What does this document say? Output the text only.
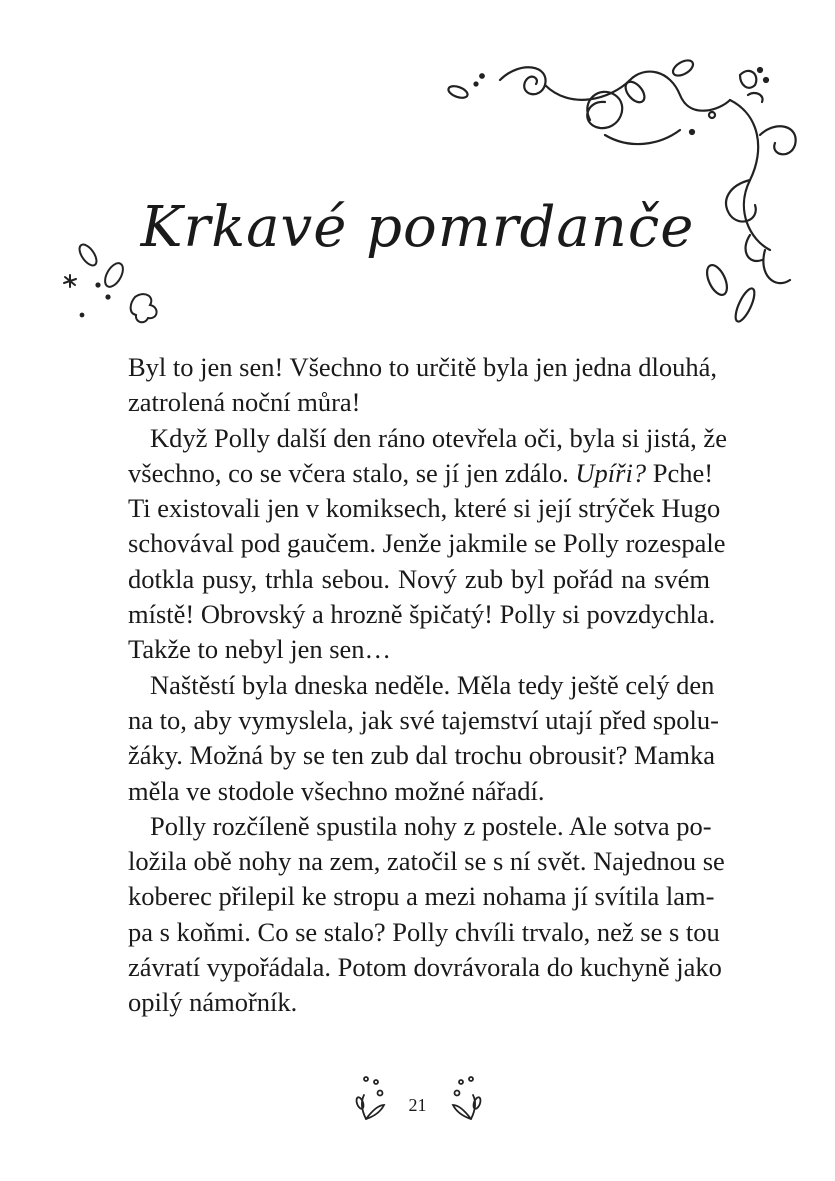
Krkavé pomrdanče

Byl to jen sen! Všechno to určitě byla jen jedna dlouhá,
zatrolená noční můra!

Když Polly další den ráno otevřela oči, byla si jistá, že
všechno, co se včera stalo, se jí jen zdálo. Upíři? Pche!
Ti existovali jen v komiksech, které si její strýček Hugo
schovával pod gaučem. Jenže jakmile se Polly rozespale
dotkla pusy, trhla sebou. Nový zub byl pořád na svém
místě! Obrovský a hrozně špičatý! Polly si povzdychla.
Takže to nebyl jen sen…

Naštěstí byla dneska neděle. Měla tedy ještě celý den
na to, aby vymyslela, jak své tajemství utají před spolu-
žáky. Možná by se ten zub dal trochu obrousit? Mamka
měla ve stodole všechno možné nářadí.

Polly rozčíleně spustila nohy z postele. Ale sotva po-
ložila obě nohy na zem, zatočil se s ní svět. Najednou se
koberec přilepil ke stropu a mezi nohama jí svítila lam-
pa s koňmi. Co se stalo? Polly chvíli trvalo, než se s tou
závratí vypořádala. Potom dovrávorala do kuchyně jako
opilý námořník.

21
